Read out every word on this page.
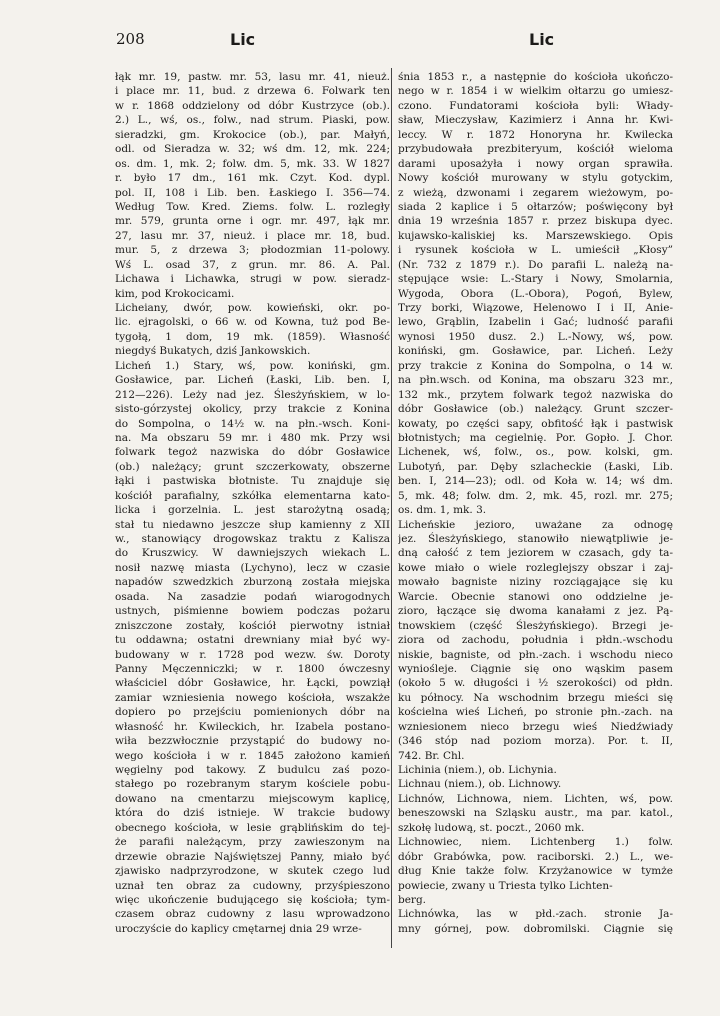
208	Lic	Lic
łąk mr. 19, pastw. mr. 53, lasu mr. 41, nieuż.
i place mr. 11, bud. z drzewa 6. Folwark ten
w r. 1868 oddzielony od dóbr Kustrzyce (ob.).
2.) L., wś, os., folw., nad strum. Piaski, pow.
sieradzki, gm. Krokocice (ob.), par. Małyń,
odl. od Sieradza w. 32; wś dm. 12, mk. 224;
os. dm. 1, mk. 2; folw. dm. 5, mk. 33. W 1827
r. było 17 dm., 161 mk. Czyt. Kod. dypl.
pol. II, 108 i Lib. ben. Łaskiego I. 356—74.
Według Tow. Kred. Ziems. folw. L. rozległy
mr. 579, grunta orne i ogr. mr. 497, łąk mr.
27, lasu mr. 37, nieuż. i place mr. 18, bud.
mur. 5, z drzewa 3; płodozmian 11-polowy.
Wś L. osad 37, z grun. mr. 86. A. Pal.
Lichawa i Lichawka, strugi w pow. sieradz-
kim, pod Krokocicami.
Licheiany, dwór, pow. kowieński, okr. po-
lic. ejragolski, o 66 w. od Kowna, tuż pod Be-
tygołą, 1 dom, 19 mk. (1859). Własność
niegdyś Bukatych, dziś Jankowskich.
Licheń 1.) Stary, wś, pow. koniński, gm.
Gosławice, par. Licheń (Łaski, Lib. ben. I,
212—226). Leży nad jez. Ślesżyńskiem, w lo-
sisto-górzystej okolicy, przy trakcie z Konina
do Sompolna, o 14½ w. na płn.-wsch. Koni-
na. Ma obszaru 59 mr. i 480 mk. Przy wsi
folwark tegoż nazwiska do dóbr Gosławice
(ob.) należący; grunt szczerkowaty, obszerne
łąki i pastwiska błotniste. Tu znajduje się
kościół parafialny, szkółka elementarna kato-
licka i gorzelnia. L. jest starożytną osadą;
stał tu niedawno jeszcze słup kamienny z XII
w., stanowiący drogowskaz traktu z Kalisza
do Kruszwicy. W dawniejszych wiekach L.
nosił nazwę miasta (Lychyno), lecz w czasie
napadów szwedzkich zburzoną została miejska
osada. Na zasadzie podań wiarogodnych
ustnych, piśmienne bowiem podczas pożaru
zniszczone zostały, kościół pierwotny istniał
tu oddawna; ostatni drewniany miał być wy-
budowany w r. 1728 pod wezw. św. Doroty
Panny Męczenniczki; w r. 1800 ówczesny
właściciel dóbr Gosławice, hr. Łącki, powziął
zamiar wzniesienia nowego kościoła, wszakże
dopiero po przejściu pomienionych dóbr na
własność hr. Kwileckich, hr. Izabela postano-
wiła bezzwłocznie przystąpić do budowy no-
wego kościoła i w r. 1845 założono kamień
węgielny pod takowy. Z budulcu zaś pozo-
stałego po rozebranym starym kościele pobu-
dowano na cmentarzu miejscowym kaplicę,
która do dziś istnieje. W trakcie budowy
obecnego kościoła, w lesie grąblińskim do tej-
że parafii należącym, przy zawieszonym na
drzewie obrazie Najświętszej Panny, miało być
zjawisko nadprzyrodzone, w skutek czego lud
uznał ten obraz za cudowny, przyśpieszono
więc ukończenie budującego się kościoła; tym-
czasem obraz cudowny z lasu wprowadzono
uroczyście do kaplicy cmętarnej dnia 29 wrze-
śnia 1853 r., a następnie do kościoła ukończo-
nego w r. 1854 i w wielkim ołtarzu go umiesz-
czono. Fundatorami kościoła byli: Włady-
sław, Mieczysław, Kazimierz i Anna hr. Kwi-
leccy. W r. 1872 Honoryna hr. Kwilecka
przybudowała prezbiteryum, kościół wieloma
darami uposażyła i nowy organ sprawiła.
Nowy kościół murowany w stylu gotyckim,
z wieżą, dzwonami i zegarem wieżowym, po-
siada 2 kaplice i 5 ołtarzów; poświęcony był
dnia 19 września 1857 r. przez biskupa dyec.
kujawsko-kaliskiej ks. Marszewskiego. Opis
i rysunek kościoła w L. umieścił „Kłosy”
(Nr. 732 z 1879 r.). Do parafii L. należą na-
stępujące wsie: L.-Stary i Nowy, Smolarnia,
Wygoda, Obora (L.-Obora), Pogoń, Bylew,
Trzy borki, Wiązowe, Helenowo I i II, Anie-
lewo, Grąblin, Izabelin i Gać; ludność parafii
wynosi 1950 dusz. 2.) L.-Nowy, wś, pow.
koniński, gm. Gosławice, par. Licheń. Leży
przy trakcie z Konina do Sompolna, o 14 w.
na płn.wsch. od Konina, ma obszaru 323 mr.,
132 mk., przytem folwark tegoż nazwiska do
dóbr Gosławice (ob.) należący. Grunt szczer-
kowaty, po części sapy, obfitość łąk i pastwisk
błotnistych; ma cegielnię. Por. Gopło. J. Chor.
Lichenek, wś, folw., os., pow. kolski, gm.
Lubotyń, par. Dęby szlacheckie (Łaski, Lib.
ben. I, 214—23); odl. od Koła w. 14; wś dm.
5, mk. 48; folw. dm. 2, mk. 45, rozl. mr. 275;
os. dm. 1, mk. 3.
Licheńskie jezioro, uważane za odnogę
jez. Ślesżyńskiego, stanowiło niewątpliwie je-
dną całość z tem jeziorem w czasach, gdy ta-
kowe miało o wiele rozleglejszy obszar i zaj-
mowało bagniste niziny rozciągające się ku
Warcie. Obecnie stanowi ono oddzielne je-
zioro, łączące się dwoma kanałami z jez. Pą-
tnowskiem (część Ślesżyńskiego). Brzegi je-
ziora od zachodu, południa i płdn.-wschodu
niskie, bagniste, od płn.-zach. i wschodu nieco
wyniośleje. Ciągnie się ono wąskim pasem
(około 5 w. długości i ½ szerokości) od płdn.
ku północy. Na wschodnim brzegu mieści się
kościelna wieś Licheń, po stronie płn.-zach. na
wzniesionem nieco brzegu wieś Niedźwiady
(346 stóp nad poziom morza). Por. t. II,
742. Br. Chl.
Lichinia (niem.), ob. Lichynia.
Lichnau (niem.), ob. Lichnowy.
Lichnów, Lichnowa, niem. Lichten, wś, pow.
beneszowski na Szląsku austr., ma par. katol.,
szkołę ludową, st. poczt., 2060 mk.
Lichnowiec, niem. Lichtenberg 1.) folw.
dóbr Grabówka, pow. raciborski. 2.) L., we-
dług Knie także folw. Krzyżanowice w tymże
powiecie, zwany u Triesta tylko Lichten-
berg.
Lichnówka, las w płd.-zach. stronie Ja-
mny górnej, pow. dobromilski. Ciągnie się
